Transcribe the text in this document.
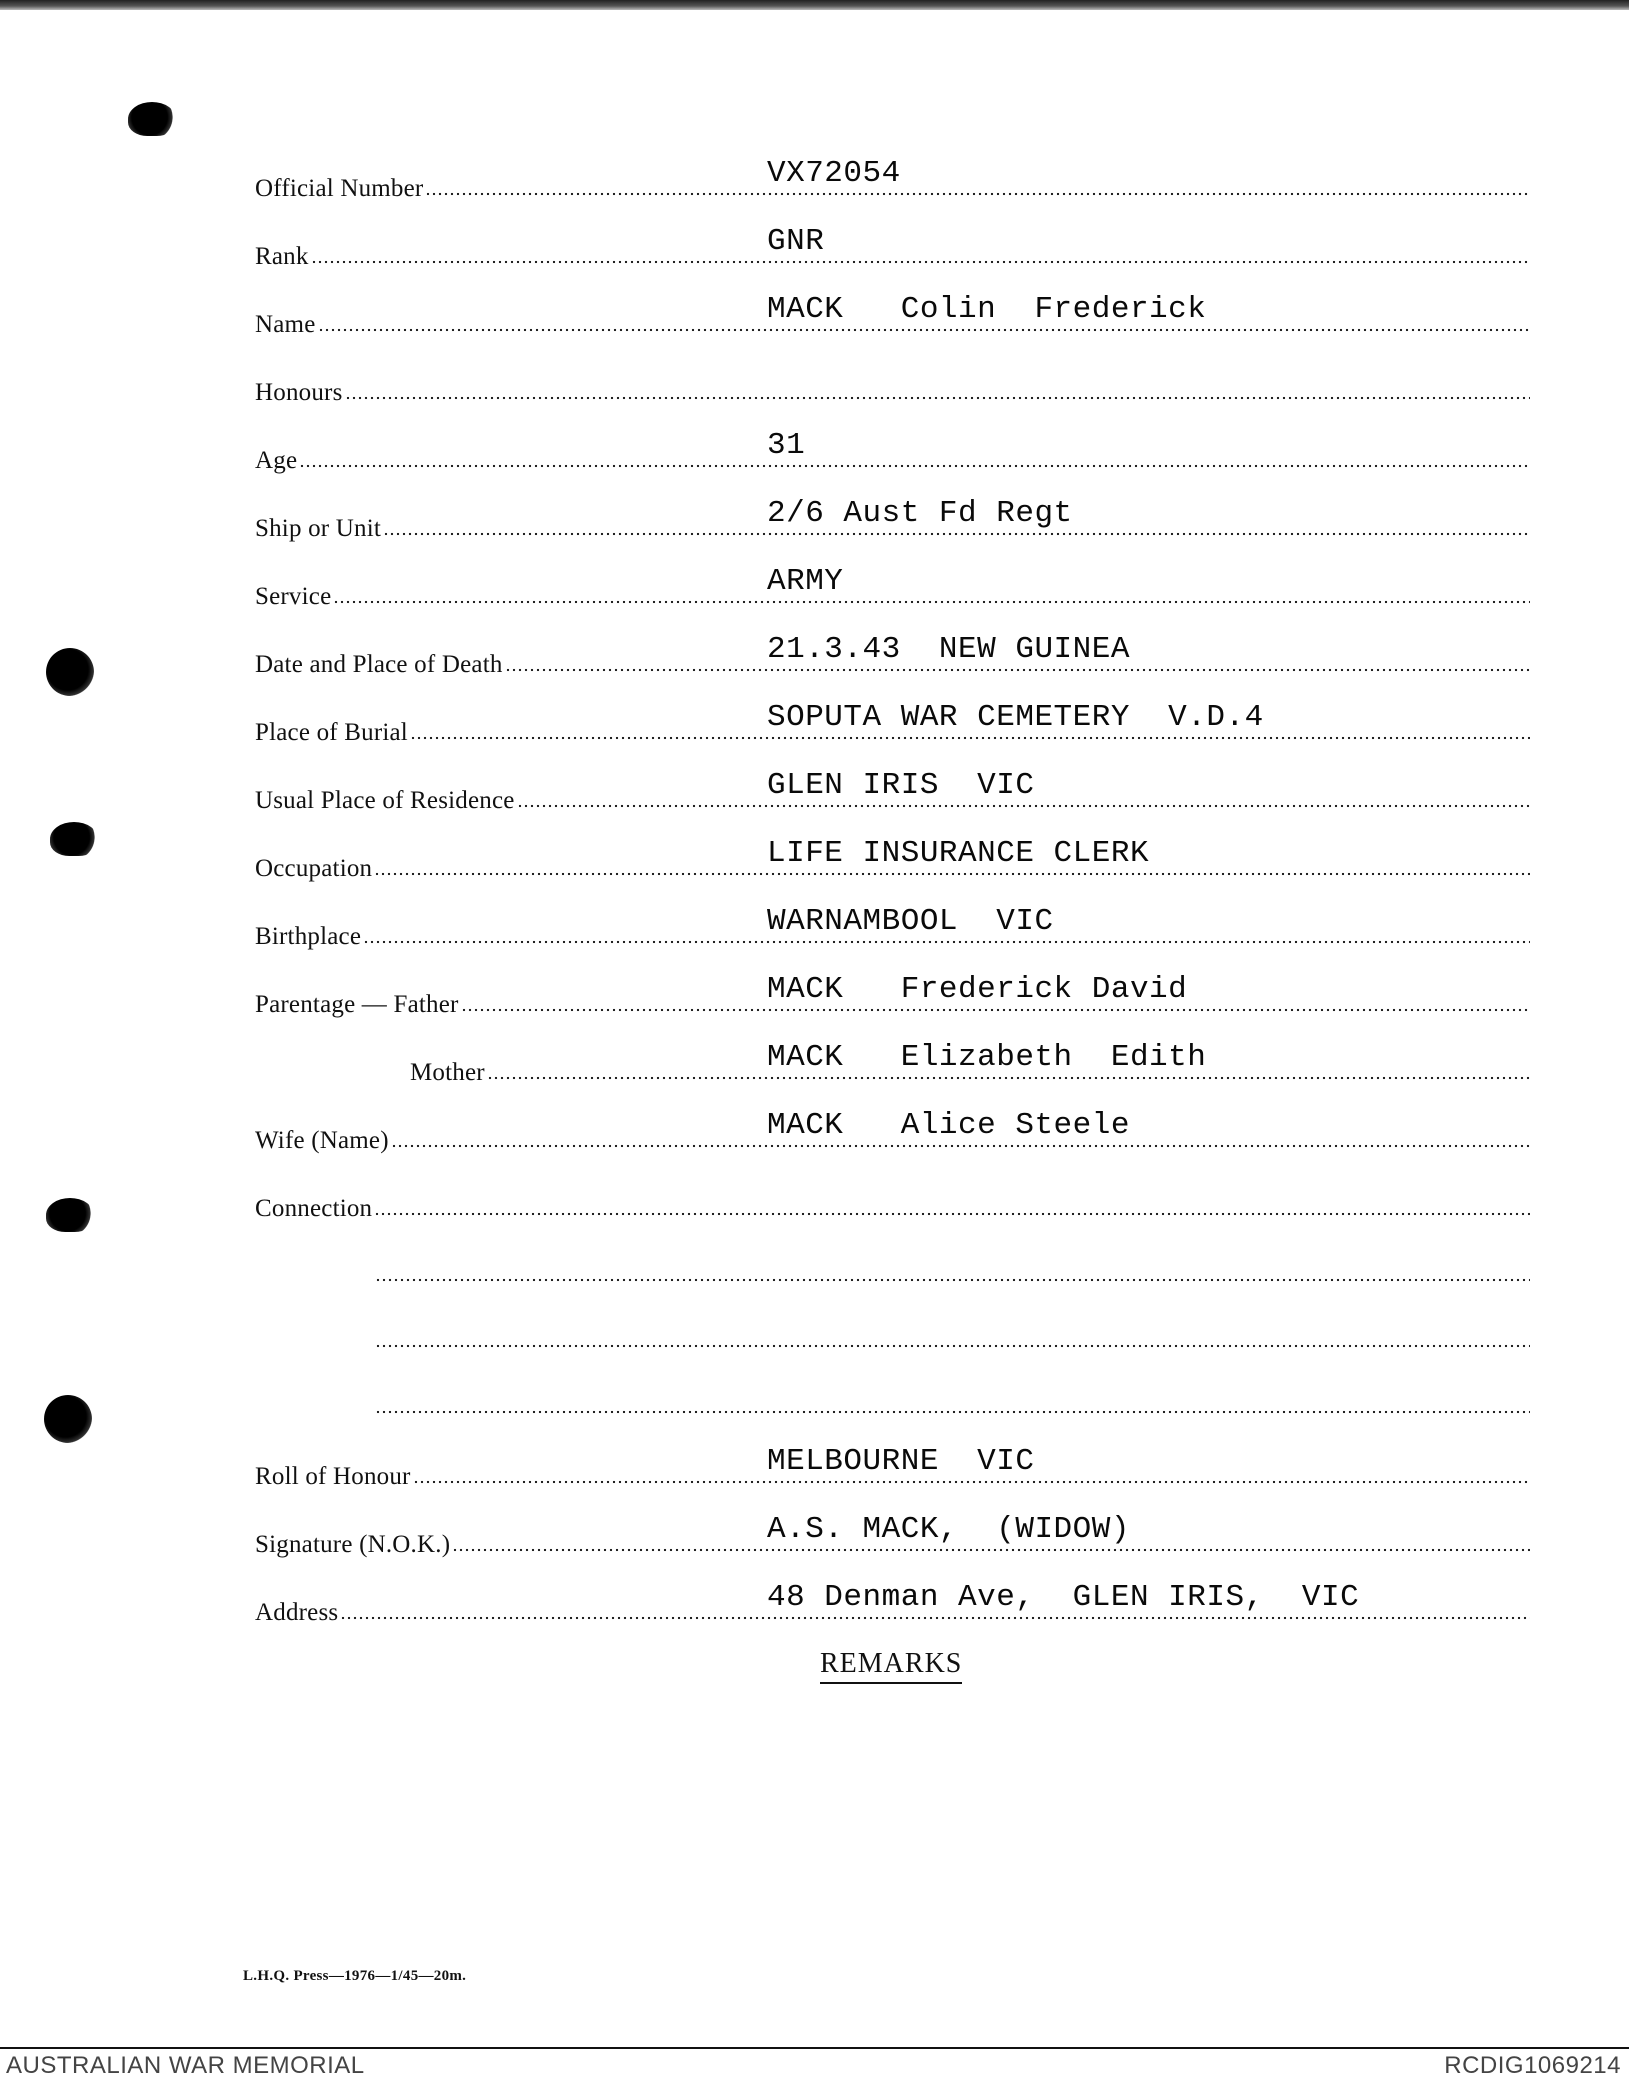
Official Number	VX72054
Rank	GNR
Name	MACK   Colin  Frederick
Honours
Age	31
Ship or Unit	2/6 Aust Fd Regt
Service	ARMY
Date and Place of Death	21.3.43  NEW GUINEA
Place of Burial	SOPUTA WAR CEMETERY  V.D.4
Usual Place of Residence	GLEN IRIS  VIC
Occupation	LIFE INSURANCE CLERK
Birthplace	WARNAMBOOL  VIC
Parentage — Father	MACK   Frederick David
Mother	MACK   Elizabeth  Edith
Wife (Name)	MACK   Alice Steele
Connection
Roll of Honour	MELBOURNE  VIC
Signature (N.O.K.)	A.S. MACK,  (WIDOW)
Address	48 Denman Ave,  GLEN IRIS,  VIC
REMARKS
L.H.Q. Press—1976—1/45—20m.
AUSTRALIAN WAR MEMORIAL	RCDIG1069214
